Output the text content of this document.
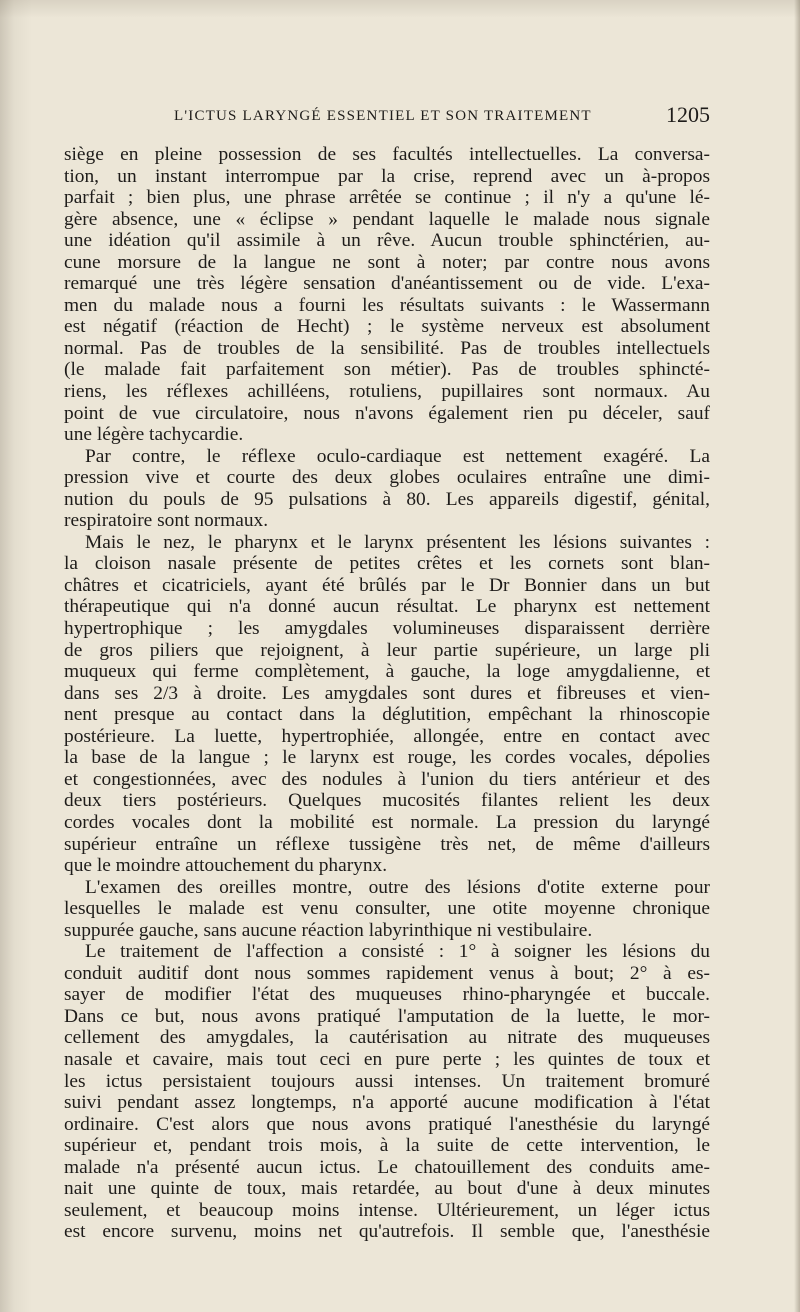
L'ICTUS LARYNGÉ ESSENTIEL ET SON TRAITEMENT	1205
siège en pleine possession de ses facultés intellectuelles. La conversa-
tion, un instant interrompue par la crise, reprend avec un à-propos
parfait ; bien plus, une phrase arrêtée se continue ; il n'y a qu'une lé-
gère absence, une « éclipse » pendant laquelle le malade nous signale
une idéation qu'il assimile à un rêve. Aucun trouble sphinctérien, au-
cune morsure de la langue ne sont à noter; par contre nous avons
remarqué une très légère sensation d'anéantissement ou de vide. L'exa-
men du malade nous a fourni les résultats suivants : le Wassermann
est négatif (réaction de Hecht) ; le système nerveux est absolument
normal. Pas de troubles de la sensibilité. Pas de troubles intellectuels
(le malade fait parfaitement son métier). Pas de troubles sphincté-
riens, les réflexes achilléens, rotuliens, pupillaires sont normaux. Au
point de vue circulatoire, nous n'avons également rien pu déceler, sauf
une légère tachycardie.
Par contre, le réflexe oculo-cardiaque est nettement exagéré. La
pression vive et courte des deux globes oculaires entraîne une dimi-
nution du pouls de 95 pulsations à 80. Les appareils digestif, génital,
respiratoire sont normaux.
Mais le nez, le pharynx et le larynx présentent les lésions suivantes :
la cloison nasale présente de petites crêtes et les cornets sont blan-
châtres et cicatriciels, ayant été brûlés par le Dr Bonnier dans un but
thérapeutique qui n'a donné aucun résultat. Le pharynx est nettement
hypertrophique ; les amygdales volumineuses disparaissent derrière
de gros piliers que rejoignent, à leur partie supérieure, un large pli
muqueux qui ferme complètement, à gauche, la loge amygdalienne, et
dans ses 2/3 à droite. Les amygdales sont dures et fibreuses et vien-
nent presque au contact dans la déglutition, empêchant la rhinoscopie
postérieure. La luette, hypertrophiée, allongée, entre en contact avec
la base de la langue ; le larynx est rouge, les cordes vocales, dépolies
et congestionnées, avec des nodules à l'union du tiers antérieur et des
deux tiers postérieurs. Quelques mucosités filantes relient les deux
cordes vocales dont la mobilité est normale. La pression du laryngé
supérieur entraîne un réflexe tussigène très net, de même d'ailleurs
que le moindre attouchement du pharynx.
L'examen des oreilles montre, outre des lésions d'otite externe pour
lesquelles le malade est venu consulter, une otite moyenne chronique
suppurée gauche, sans aucune réaction labyrinthique ni vestibulaire.
Le traitement de l'affection a consisté : 1° à soigner les lésions du
conduit auditif dont nous sommes rapidement venus à bout; 2° à es-
sayer de modifier l'état des muqueuses rhino-pharyngée et buccale.
Dans ce but, nous avons pratiqué l'amputation de la luette, le mor-
cellement des amygdales, la cautérisation au nitrate des muqueuses
nasale et cavaire, mais tout ceci en pure perte ; les quintes de toux et
les ictus persistaient toujours aussi intenses. Un traitement bromuré
suivi pendant assez longtemps, n'a apporté aucune modification à l'état
ordinaire. C'est alors que nous avons pratiqué l'anesthésie du laryngé
supérieur et, pendant trois mois, à la suite de cette intervention, le
malade n'a présenté aucun ictus. Le chatouillement des conduits ame-
nait une quinte de toux, mais retardée, au bout d'une à deux minutes
seulement, et beaucoup moins intense. Ultérieurement, un léger ictus
est encore survenu, moins net qu'autrefois. Il semble que, l'anesthésie
